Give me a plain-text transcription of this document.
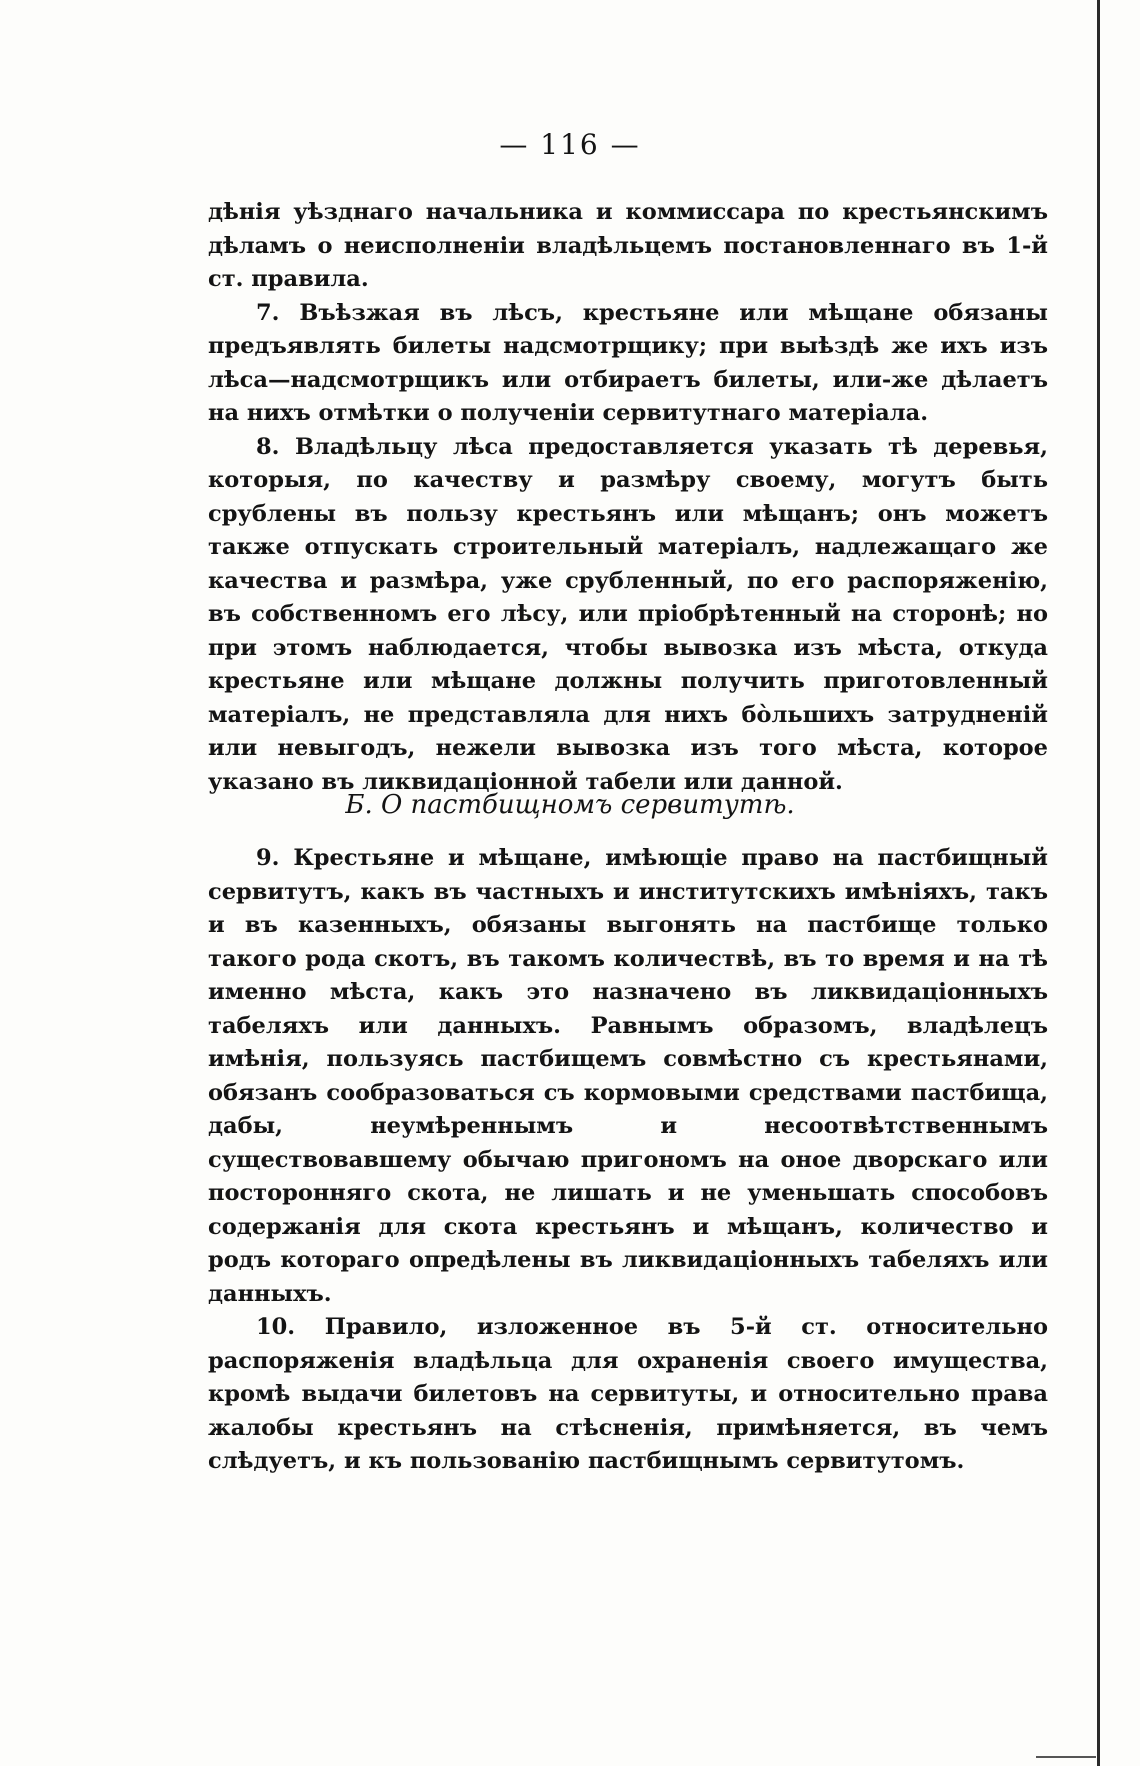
— 116 —

дѣнія уѣзднаго начальника и коммиссара по крестьянскимъ дѣламъ о неисполненіи владѣльцемъ постановленнаго въ 1-й ст. правила.

7. Въѣзжая въ лѣсъ, крестьяне или мѣщане обязаны предъявлять билеты надсмотрщику; при выѣздѣ же ихъ изъ лѣса—надсмотрщикъ или отбираетъ билеты, или-же дѣлаетъ на нихъ отмѣтки о полученіи сервитутнаго матеріала.

8. Владѣльцу лѣса предоставляется указать тѣ деревья, которыя, по качеству и размѣру своему, могутъ быть срублены въ пользу крестьянъ или мѣщанъ; онъ можетъ также отпускать строительный матеріалъ, надлежащаго же качества и размѣра, уже срубленный, по его распоряженію, въ собственномъ его лѣсу, или пріобрѣтенный на сторонѣ; но при этомъ наблюдается, чтобы вывозка изъ мѣста, откуда крестьяне или мѣщане должны получить приготовленный матеріалъ, не представляла для нихъ бо̀льшихъ затрудненій или невыгодъ, нежели вывозка изъ того мѣста, которое указано въ ликвидаціонной табели или данной.

Б. О пастбищномъ сервитутѣ.

9. Крестьяне и мѣщане, имѣющіе право на пастбищный сервитутъ, какъ въ частныхъ и институтскихъ имѣніяхъ, такъ и въ казенныхъ, обязаны выгонять на пастбище только такого рода скотъ, въ такомъ количествѣ, въ то время и на тѣ именно мѣста, какъ это назначено въ ликвидаціонныхъ табеляхъ или данныхъ. Равнымъ образомъ, владѣлецъ имѣнія, пользуясь пастбищемъ совмѣстно съ крестьянами, обязанъ сообразоваться съ кормовыми средствами пастбища, дабы, неумѣреннымъ и несоотвѣтственнымъ существовавшему обычаю пригономъ на оное дворскаго или посторонняго скота, не лишать и не уменьшать способовъ содержанія для скота крестьянъ и мѣщанъ, количество и родъ котораго опредѣлены въ ликвидаціонныхъ табеляхъ или данныхъ.

10. Правило, изложенное въ 5-й ст. относительно распоряженія владѣльца для охраненія своего имущества, кромѣ выдачи билетовъ на сервитуты, и относительно права жалобы крестьянъ на стѣсненія, примѣняется, въ чемъ слѣдуетъ, и къ пользованію пастбищнымъ сервитутомъ.
